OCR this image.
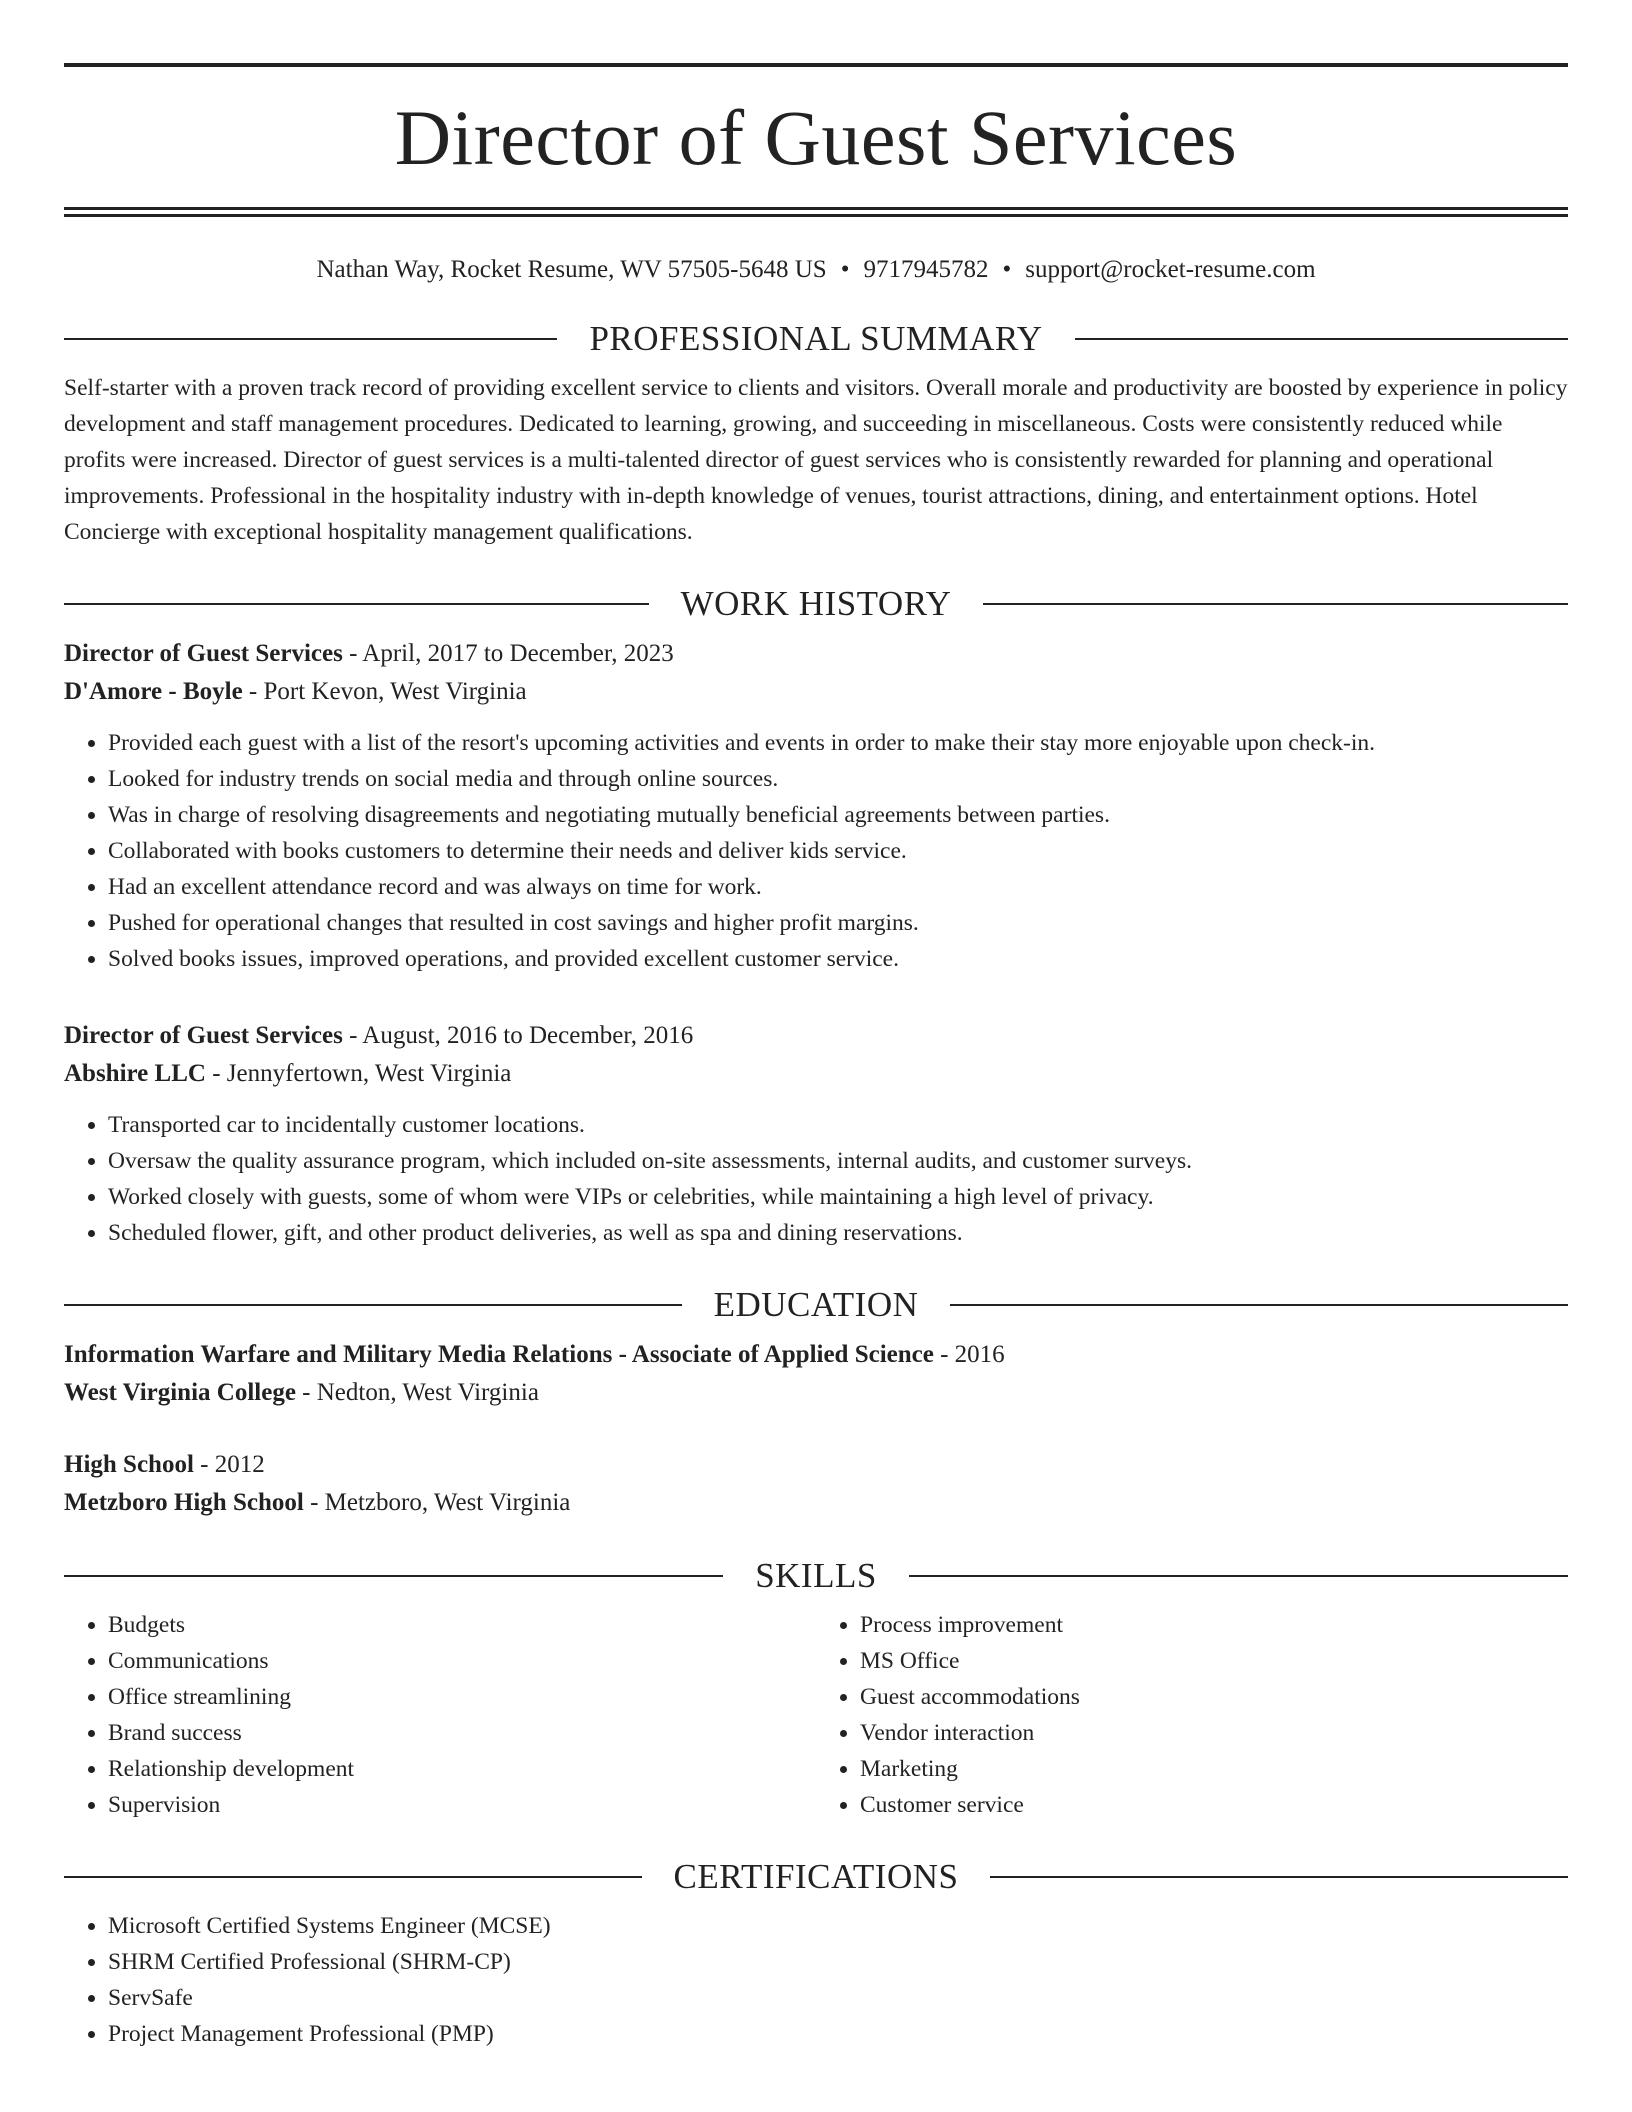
Director of Guest Services
Nathan Way, Rocket Resume, WV 57505-5648 US • 9717945782 • support@rocket-resume.com
PROFESSIONAL SUMMARY

Self-starter with a proven track record of providing excellent service to clients and visitors. Overall morale and productivity are boosted by experience in policy development and staff management procedures. Dedicated to learning, growing, and succeeding in miscellaneous. Costs were consistently reduced while profits were increased. Director of guest services is a multi-talented director of guest services who is consistently rewarded for planning and operational improvements. Professional in the hospitality industry with in-depth knowledge of venues, tourist attractions, dining, and entertainment options. Hotel Concierge with exceptional hospitality management qualifications.

WORK HISTORY
Director of Guest Services - April, 2017 to December, 2023
D'Amore - Boyle - Port Kevon, West Virginia
• Provided each guest with a list of the resort's upcoming activities and events in order to make their stay more enjoyable upon check-in.
• Looked for industry trends on social media and through online sources.
• Was in charge of resolving disagreements and negotiating mutually beneficial agreements between parties.
• Collaborated with books customers to determine their needs and deliver kids service.
• Had an excellent attendance record and was always on time for work.
• Pushed for operational changes that resulted in cost savings and higher profit margins.
• Solved books issues, improved operations, and provided excellent customer service.
Director of Guest Services - August, 2016 to December, 2016
Abshire LLC - Jennyfertown, West Virginia
• Transported car to incidentally customer locations.
• Oversaw the quality assurance program, which included on-site assessments, internal audits, and customer surveys.
• Worked closely with guests, some of whom were VIPs or celebrities, while maintaining a high level of privacy.
• Scheduled flower, gift, and other product deliveries, as well as spa and dining reservations.
EDUCATION
Information Warfare and Military Media Relations - Associate of Applied Science - 2016
West Virginia College - Nedton, West Virginia
High School - 2012
Metzboro High School - Metzboro, West Virginia
SKILLS
• Budgets
• Communications
• Office streamlining
• Brand success
• Relationship development
• Supervision
• Process improvement
• MS Office
• Guest accommodations
• Vendor interaction
• Marketing
• Customer service
CERTIFICATIONS
• Microsoft Certified Systems Engineer (MCSE)
• SHRM Certified Professional (SHRM-CP)
• ServSafe
• Project Management Professional (PMP)
